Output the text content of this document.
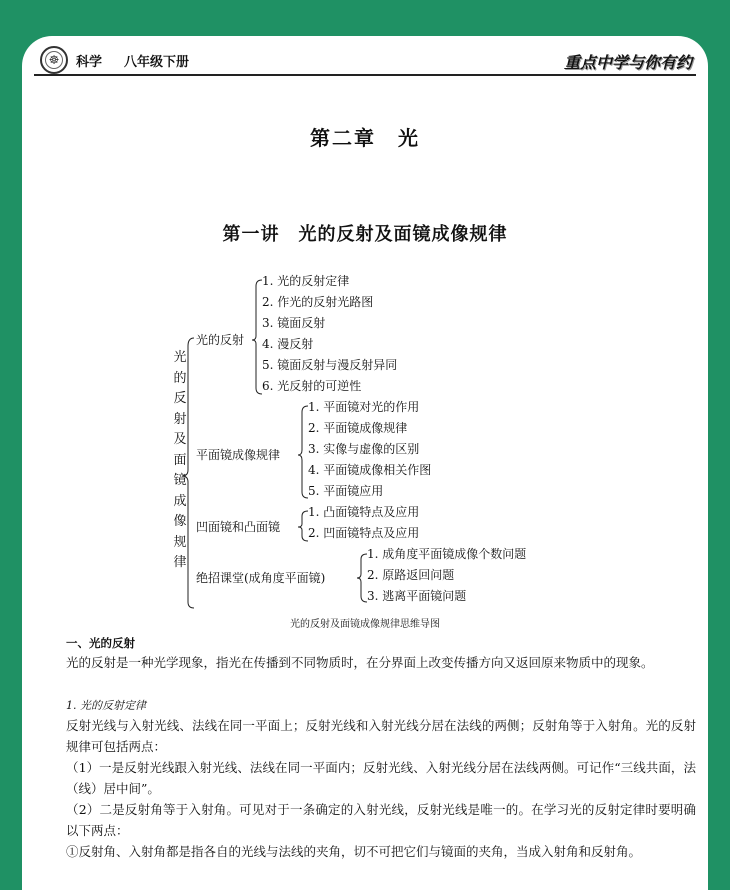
☸ 科学 八年级下册	重点中学与你有约
第二章　光
第一讲　光的反射及面镜成像规律
光
的
反
射
及
面
镜
成
像
规
律
光的反射
平面镜成像规律
凹面镜和凸面镜
绝招课堂(成角度平面镜)
1. 光的反射定律
2. 作光的反射光路图
3. 镜面反射
4. 漫反射
5. 镜面反射与漫反射异同
6. 光反射的可逆性
1. 平面镜对光的作用
2. 平面镜成像规律
3. 实像与虚像的区别
4. 平面镜成像相关作图
5. 平面镜应用
1. 凸面镜特点及应用
2. 凹面镜特点及应用
1. 成角度平面镜成像个数问题
2. 原路返回问题
3. 逃离平面镜问题
光的反射及面镜成像规律思维导图
一、光的反射
光的反射是一种光学现象，指光在传播到不同物质时，在分界面上改变传播方向又返回原来物质中的现象。
1. 光的反射定律
反射光线与入射光线、法线在同一平面上；反射光线和入射光线分居在法线的两侧；反射角等于入射角。光的反射规律可包括两点：
（1）一是反射光线跟入射光线、法线在同一平面内；反射光线、入射光线分居在法线两侧。可记作“三线共面，法（线）居中间”。
（2）二是反射角等于入射角。可见对于一条确定的入射光线，反射光线是唯一的。在学习光的反射定律时要明确以下两点：
①反射角、入射角都是指各自的光线与法线的夹角，切不可把它们与镜面的夹角，当成入射角和反射角。
